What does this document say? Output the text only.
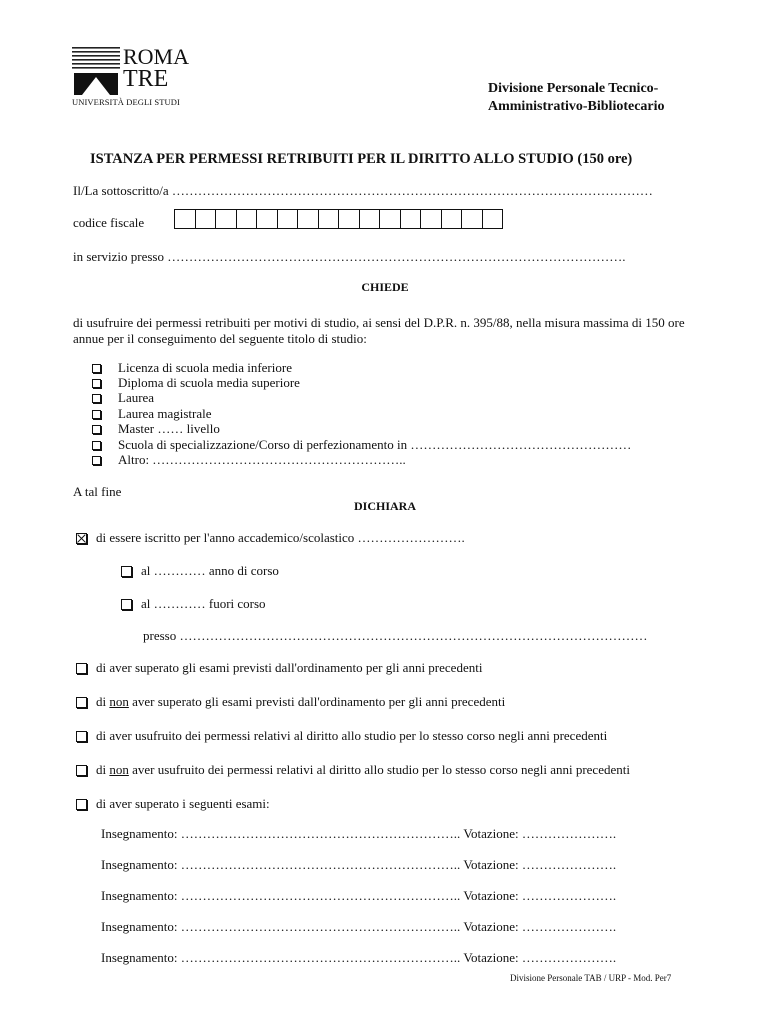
ROMA
TRE
UNIVERSITÀ DEGLI STUDI
Divisione Personale Tecnico-
Amministrativo-Bibliotecario
ISTANZA PER PERMESSI RETRIBUITI PER IL DIRITTO ALLO STUDIO (150 ore)
Il/La sottoscritto/a …………………………………………………………………………………………………
codice fiscale
in servizio presso …………………………………………………………………………………………….
CHIEDE
di usufruire dei permessi retribuiti per motivi di studio, ai sensi del D.P.R. n. 395/88, nella misura massima di 150 ore annue per il conseguimento del seguente titolo di studio:
Licenza di scuola media inferiore
Diploma di scuola media superiore
Laurea
Laurea magistrale
Master …… livello
Scuola di specializzazione/Corso di perfezionamento in ……………………………………………
Altro: …………………………………………………..
A tal fine
DICHIARA
di essere iscritto per l'anno accademico/scolastico …………………….
al ………… anno di corso
al ………… fuori corso
presso ………………………………………………………………………………………………
di aver superato gli esami previsti dall'ordinamento per gli anni precedenti
di non aver superato gli esami previsti dall'ordinamento per gli anni precedenti
di aver usufruito dei permessi relativi al diritto allo studio per lo stesso corso negli anni precedenti
di non aver usufruito dei permessi relativi al diritto allo studio per lo stesso corso negli anni precedenti
di aver superato i seguenti esami:
Insegnamento: ……………………………………………………….. Votazione: ………………….
Insegnamento: ……………………………………………………….. Votazione: ………………….
Insegnamento: ……………………………………………………….. Votazione: ………………….
Insegnamento: ……………………………………………………….. Votazione: ………………….
Insegnamento: ……………………………………………………….. Votazione: ………………….
Divisione Personale TAB / URP - Mod. Per7
